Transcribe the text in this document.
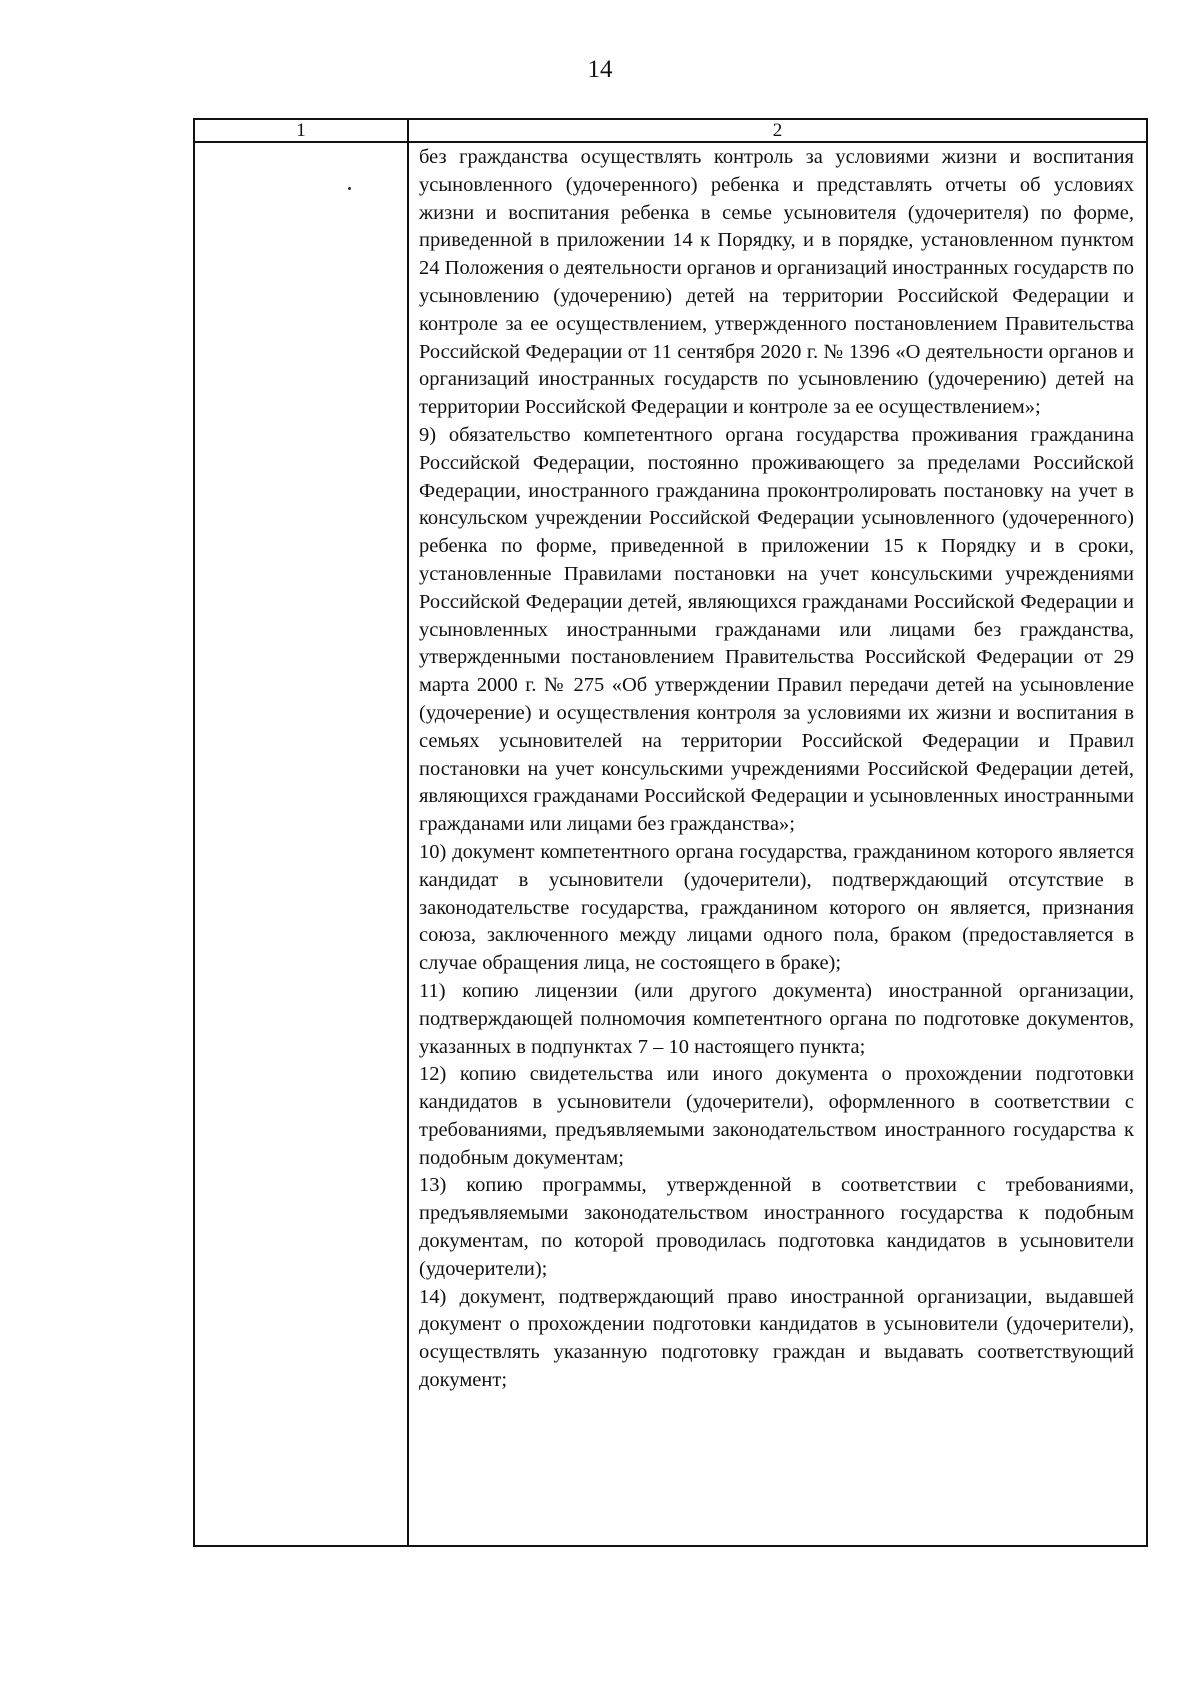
14
1	2

без гражданства осуществлять контроль за условиями жизни и воспитания усыновленного (удочеренного) ребенка и представлять отчеты об условиях жизни и воспитания ребенка в семье усыновителя (удочерителя) по форме, приведенной в приложении 14 к Порядку, и в порядке, установленном пунктом 24 Положения о деятельности органов и организаций иностранных государств по усыновлению (удочерению) детей на территории Российской Федерации и контроле за ее осуществлением, утвержденного постановлением Правительства Российской Федерации от 11 сентября 2020 г. № 1396 «О деятельности органов и организаций иностранных государств по усыновлению (удочерению) детей на территории Российской Федерации и контроле за ее осуществлением»;

9) обязательство компетентного органа государства проживания гражданина Российской Федерации, постоянно проживающего за пределами Российской Федерации, иностранного гражданина проконтролировать постановку на учет в консульском учреждении Российской Федерации усыновленного (удочеренного) ребенка по форме, приведенной в приложении 15 к Порядку и в сроки, установленные Правилами постановки на учет консульскими учреждениями Российской Федерации детей, являющихся гражданами Российской Федерации и усыновленных иностранными гражданами или лицами без гражданства, утвержденными постановлением Правительства Российской Федерации от 29 марта 2000 г. № 275 «Об утверждении Правил передачи детей на усыновление (удочерение) и осуществления контроля за условиями их жизни и воспитания в семьях усыновителей на территории Российской Федерации и Правил постановки на учет консульскими учреждениями Российской Федерации детей, являющихся гражданами Российской Федерации и усыновленных иностранными гражданами или лицами без гражданства»;

10) документ компетентного органа государства, гражданином которого является кандидат в усыновители (удочерители), подтверждающий отсутствие в законодательстве государства, гражданином которого он является, признания союза, заключенного между лицами одного пола, браком (предоставляется в случае обращения лица, не состоящего в браке);

11) копию лицензии (или другого документа) иностранной организации, подтверждающей полномочия компетентного органа по подготовке документов, указанных в подпунктах 7 – 10 настоящего пункта;

12) копию свидетельства или иного документа о прохождении подготовки кандидатов в усыновители (удочерители), оформленного в соответствии с требованиями, предъявляемыми законодательством иностранного государства к подобным документам;

13) копию программы, утвержденной в соответствии с требованиями, предъявляемыми законодательством иностранного государства к подобным документам, по которой проводилась подготовка кандидатов в усыновители (удочерители);

14) документ, подтверждающий право иностранной организации, выдавшей документ о прохождении подготовки кандидатов в усыновители (удочерители), осуществлять указанную подготовку граждан и выдавать соответствующий документ;
